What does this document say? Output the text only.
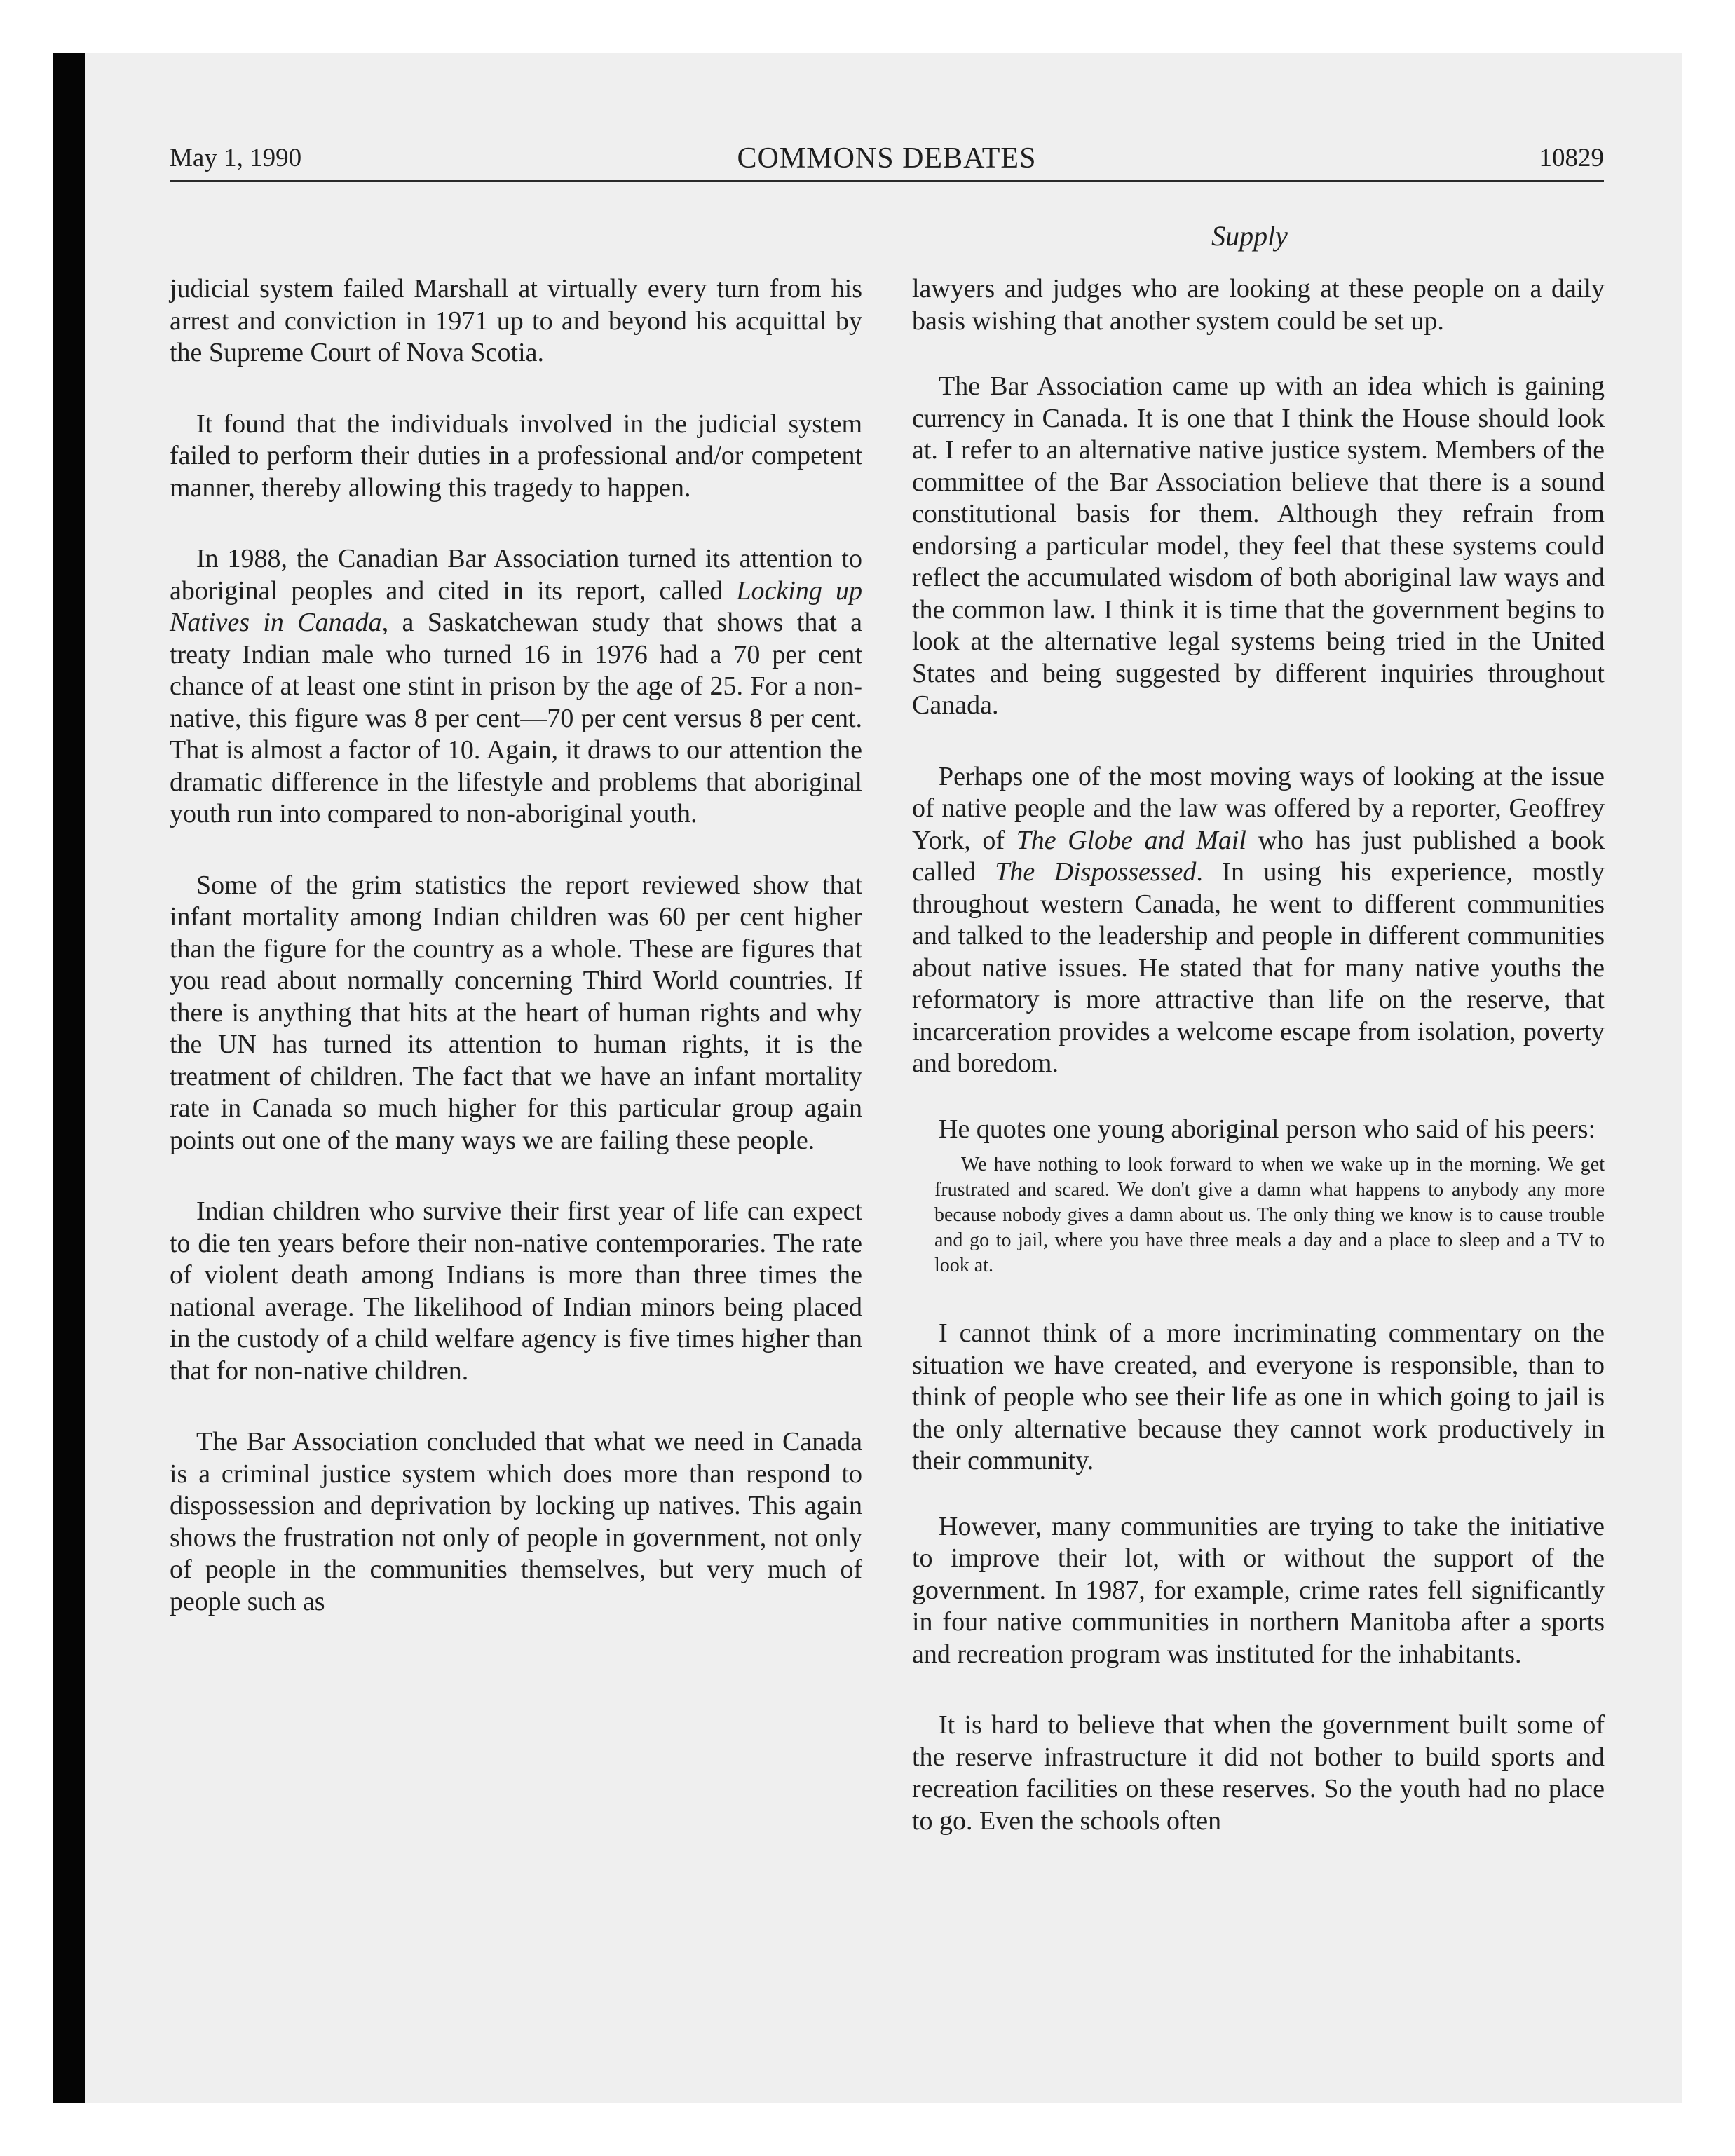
May 1, 1990	COMMONS DEBATES	10829
Supply

judicial system failed Marshall at virtually every turn from his arrest and conviction in 1971 up to and beyond his acquittal by the Supreme Court of Nova Scotia.

It found that the individuals involved in the judicial system failed to perform their duties in a professional and/or competent manner, thereby allowing this tragedy to happen.

In 1988, the Canadian Bar Association turned its attention to aboriginal peoples and cited in its report, called Locking up Natives in Canada, a Saskatchewan study that shows that a treaty Indian male who turned 16 in 1976 had a 70 per cent chance of at least one stint in prison by the age of 25. For a non-native, this figure was 8 per cent—70 per cent versus 8 per cent. That is almost a factor of 10. Again, it draws to our attention the dramatic difference in the lifestyle and problems that aboriginal youth run into compared to non-aboriginal youth.

Some of the grim statistics the report reviewed show that infant mortality among Indian children was 60 per cent higher than the figure for the country as a whole. These are figures that you read about normally concerning Third World countries. If there is anything that hits at the heart of human rights and why the UN has turned its attention to human rights, it is the treatment of children. The fact that we have an infant mortality rate in Canada so much higher for this particular group again points out one of the many ways we are failing these people.

Indian children who survive their first year of life can expect to die ten years before their non-native contemporaries. The rate of violent death among Indians is more than three times the national average. The likelihood of Indian minors being placed in the custody of a child welfare agency is five times higher than that for non-native children.

The Bar Association concluded that what we need in Canada is a criminal justice system which does more than respond to dispossession and deprivation by locking up natives. This again shows the frustration not only of people in government, not only of people in the communities themselves, but very much of people such as

lawyers and judges who are looking at these people on a daily basis wishing that another system could be set up.

The Bar Association came up with an idea which is gaining currency in Canada. It is one that I think the House should look at. I refer to an alternative native justice system. Members of the committee of the Bar Association believe that there is a sound constitutional basis for them. Although they refrain from endorsing a particular model, they feel that these systems could reflect the accumulated wisdom of both aboriginal law ways and the common law. I think it is time that the government begins to look at the alternative legal systems being tried in the United States and being suggested by different inquiries throughout Canada.

Perhaps one of the most moving ways of looking at the issue of native people and the law was offered by a reporter, Geoffrey York, of The Globe and Mail who has just published a book called The Dispossessed. In using his experience, mostly throughout western Canada, he went to different communities and talked to the leadership and people in different communities about native issues. He stated that for many native youths the reformatory is more attractive than life on the reserve, that incarceration provides a welcome escape from isolation, poverty and boredom.

He quotes one young aboriginal person who said of his peers:

We have nothing to look forward to when we wake up in the morning. We get frustrated and scared. We don't give a damn what happens to anybody any more because nobody gives a damn about us. The only thing we know is to cause trouble and go to jail, where you have three meals a day and a place to sleep and a TV to look at.

I cannot think of a more incriminating commentary on the situation we have created, and everyone is responsible, than to think of people who see their life as one in which going to jail is the only alternative because they cannot work productively in their community.

However, many communities are trying to take the initiative to improve their lot, with or without the support of the government. In 1987, for example, crime rates fell significantly in four native communities in northern Manitoba after a sports and recreation program was instituted for the inhabitants.

It is hard to believe that when the government built some of the reserve infrastructure it did not bother to build sports and recreation facilities on these reserves. So the youth had no place to go. Even the schools often
